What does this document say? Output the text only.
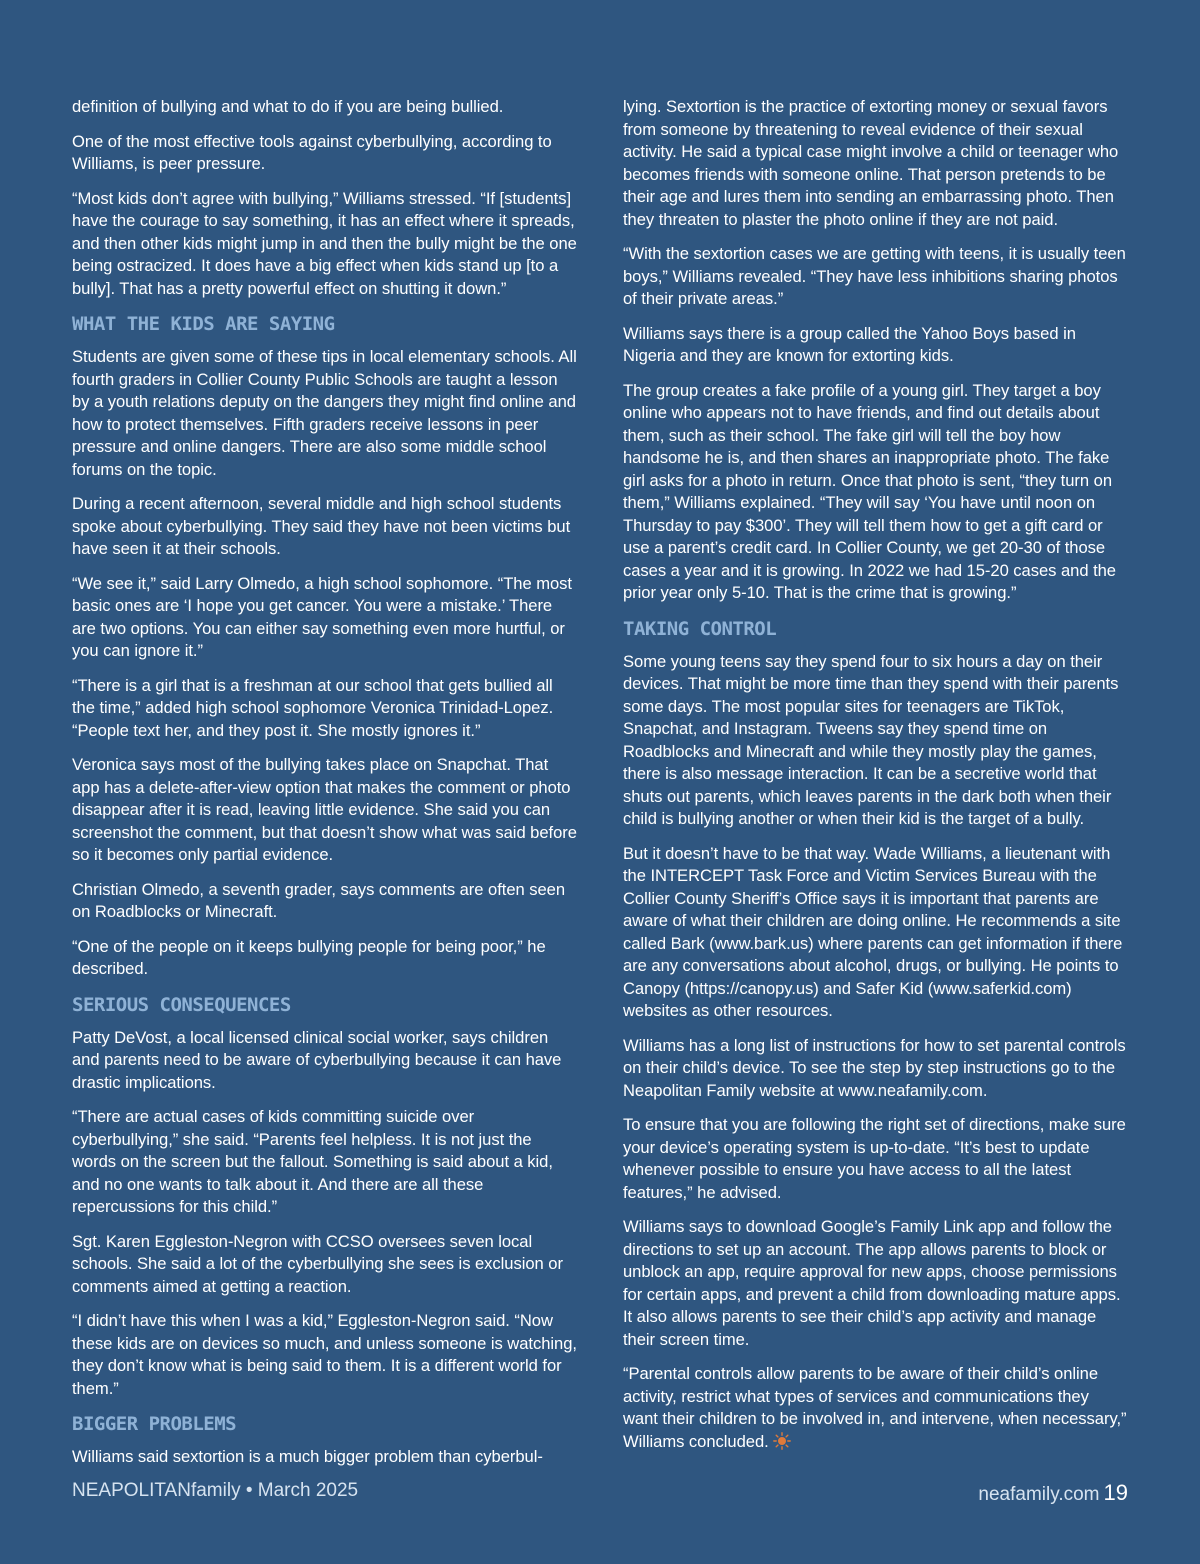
definition of bullying and what to do if you are being bullied.

One of the most effective tools against cyberbullying, according to Williams, is peer pressure.

“Most kids don’t agree with bullying,” Williams stressed. “If [students] have the courage to say something, it has an effect where it spreads, and then other kids might jump in and then the bully might be the one being ostracized. It does have a big effect when kids stand up [to a bully]. That has a pretty powerful effect on shutting it down.”

WHAT THE KIDS ARE SAYING

Students are given some of these tips in local elementary schools. All fourth graders in Collier County Public Schools are taught a lesson by a youth relations deputy on the dangers they might find online and how to protect themselves. Fifth graders receive lessons in peer pressure and online dangers. There are also some middle school forums on the topic.

During a recent afternoon, several middle and high school students spoke about cyberbullying. They said they have not been victims but have seen it at their schools.

“We see it,” said Larry Olmedo, a high school sophomore. “The most basic ones are ‘I hope you get cancer. You were a mistake.’ There are two options. You can either say something even more hurtful, or you can ignore it.”

“There is a girl that is a freshman at our school that gets bullied all the time,” added high school sophomore Veronica Trinidad-Lopez. “People text her, and they post it. She mostly ignores it.”

Veronica says most of the bullying takes place on Snapchat. That app has a delete-after-view option that makes the comment or photo disappear after it is read, leaving little evidence. She said you can screenshot the comment, but that doesn’t show what was said before so it becomes only partial evidence.

Christian Olmedo, a seventh grader, says comments are often seen on Roadblocks or Minecraft.

“One of the people on it keeps bullying people for being poor,” he described.

SERIOUS CONSEQUENCES

Patty DeVost, a local licensed clinical social worker, says children and parents need to be aware of cyberbullying because it can have drastic implications.

“There are actual cases of kids committing suicide over cyberbullying,” she said. “Parents feel helpless. It is not just the words on the screen but the fallout. Something is said about a kid, and no one wants to talk about it. And there are all these repercussions for this child.”

Sgt. Karen Eggleston-Negron with CCSO oversees seven local schools. She said a lot of the cyberbullying she sees is exclusion or comments aimed at getting a reaction.

“I didn’t have this when I was a kid,” Eggleston-Negron said. “Now these kids are on devices so much, and unless someone is watching, they don’t know what is being said to them. It is a different world for them.”

BIGGER PROBLEMS

Williams said sextortion is a much bigger problem than cyberbul-

lying. Sextortion is the practice of extorting money or sexual favors from someone by threatening to reveal evidence of their sexual activity. He said a typical case might involve a child or teenager who becomes friends with someone online. That person pretends to be their age and lures them into sending an embarrassing photo. Then they threaten to plaster the photo online if they are not paid.

“With the sextortion cases we are getting with teens, it is usually teen boys,” Williams revealed. “They have less inhibitions sharing photos of their private areas.”

Williams says there is a group called the Yahoo Boys based in Nigeria and they are known for extorting kids.

The group creates a fake profile of a young girl. They target a boy online who appears not to have friends, and find out details about them, such as their school. The fake girl will tell the boy how handsome he is, and then shares an inappropriate photo. The fake girl asks for a photo in return. Once that photo is sent, “they turn on them,” Williams explained. “They will say ‘You have until noon on Thursday to pay $300’. They will tell them how to get a gift card or use a parent’s credit card. In Collier County, we get 20-30 of those cases a year and it is growing. In 2022 we had 15-20 cases and the prior year only 5-10. That is the crime that is growing.”

TAKING CONTROL

Some young teens say they spend four to six hours a day on their devices. That might be more time than they spend with their parents some days. The most popular sites for teenagers are TikTok, Snapchat, and Instagram. Tweens say they spend time on Roadblocks and Minecraft and while they mostly play the games, there is also message interaction. It can be a secretive world that shuts out parents, which leaves parents in the dark both when their child is bullying another or when their kid is the target of a bully.

But it doesn’t have to be that way. Wade Williams, a lieutenant with the INTERCEPT Task Force and Victim Services Bureau with the Collier County Sheriff’s Office says it is important that parents are aware of what their children are doing online. He recommends a site called Bark (www.bark.us) where parents can get information if there are any conversations about alcohol, drugs, or bullying. He points to Canopy (https://canopy.us) and Safer Kid (www.saferkid.com) websites as other resources.

Williams has a long list of instructions for how to set parental controls on their child’s device. To see the step by step instructions go to the Neapolitan Family website at www.neafamily.com.

To ensure that you are following the right set of directions, make sure your device’s operating system is up-to-date. “It’s best to update whenever possible to ensure you have access to all the latest features,” he advised.

Williams says to download Google’s Family Link app and follow the directions to set up an account. The app allows parents to block or unblock an app, require approval for new apps, choose permissions for certain apps, and prevent a child from downloading mature apps. It also allows parents to see their child’s app activity and manage their screen time.

“Parental controls allow parents to be aware of their child’s online activity, restrict what types of services and communications they want their children to be involved in, and intervene, when necessary,” Williams concluded.

NEAPOLITANfamily • March 2025	neafamily.com 19
